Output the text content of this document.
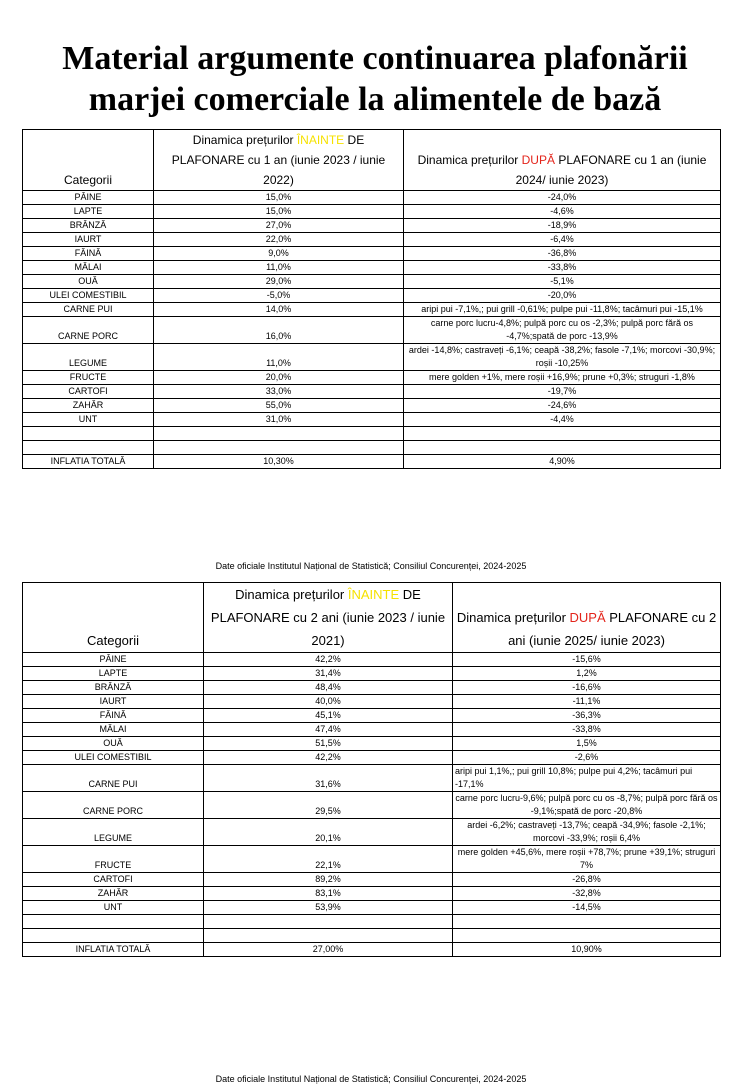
Material argumente continuarea plafonării
marjei comerciale la alimentele de bază
Categorii	Dinamica prețurilor ÎNAINTE DE PLAFONARE cu 1 an (iunie 2023 / iunie 2022)	Dinamica prețurilor DUPĂ PLAFONARE cu 1 an (iunie 2024/ iunie 2023)
PÂINE	15,0%	-24,0%
LAPTE	15,0%	-4,6%
BRÂNZĂ	27,0%	-18,9%
IAURT	22,0%	-6,4%
FĂINĂ	9,0%	-36,8%
MĂLAI	11,0%	-33,8%
OUĂ	29,0%	-5,1%
ULEI COMESTIBIL	-5,0%	-20,0%
CARNE PUI	14,0%	aripi pui -7,1%,; pui grill -0,61%; pulpe pui -11,8%; tacâmuri pui -15,1%
CARNE PORC	16,0%	carne porc lucru-4,8%; pulpă porc cu os -2,3%; pulpă porc fără os -4,7%;spată de porc -13,9%
LEGUME	11,0%	ardei -14,8%; castraveți -6,1%; ceapă -38,2%; fasole -7,1%; morcovi -30,9%; roșii -10,25%
FRUCTE	20,0%	mere golden +1%, mere roșii +16,9%; prune +0,3%; struguri -1,8%
CARTOFI	33,0%	-19,7%
ZAHĂR	55,0%	-24,6%
UNT	31,0%	-4,4%

INFLATIA TOTALĂ	10,30%	4,90%
Date oficiale Institutul Național de Statistică; Consiliul Concurenței, 2024-2025
Categorii	Dinamica prețurilor ÎNAINTE DE PLAFONARE cu 2 ani (iunie 2023 / iunie 2021)	Dinamica prețurilor DUPĂ PLAFONARE cu 2 ani (iunie 2025/ iunie 2023)
PÂINE	42,2%	-15,6%
LAPTE	31,4%	1,2%
BRÂNZĂ	48,4%	-16,6%
IAURT	40,0%	-11,1%
FĂINĂ	45,1%	-36,3%
MĂLAI	47,4%	-33,8%
OUĂ	51,5%	1,5%
ULEI COMESTIBIL	42,2%	-2,6%
CARNE PUI	31,6%	aripi pui 1,1%,; pui grill 10,8%; pulpe pui 4,2%; tacâmuri pui -17,1%
CARNE PORC	29,5%	carne porc lucru-9,6%; pulpă porc cu os -8,7%; pulpă porc fără os -9,1%;spată de porc -20,8%
LEGUME	20,1%	ardei -6,2%; castraveți -13,7%; ceapă -34,9%; fasole -2,1%; morcovi -33,9%; roșii 6,4%
FRUCTE	22,1%	mere golden +45,6%, mere roșii +78,7%; prune +39,1%; struguri 7%
CARTOFI	89,2%	-26,8%
ZAHĂR	83,1%	-32,8%
UNT	53,9%	-14,5%

INFLATIA TOTALĂ	27,00%	10,90%
Date oficiale Institutul Național de Statistică; Consiliul Concurenței, 2024-2025
